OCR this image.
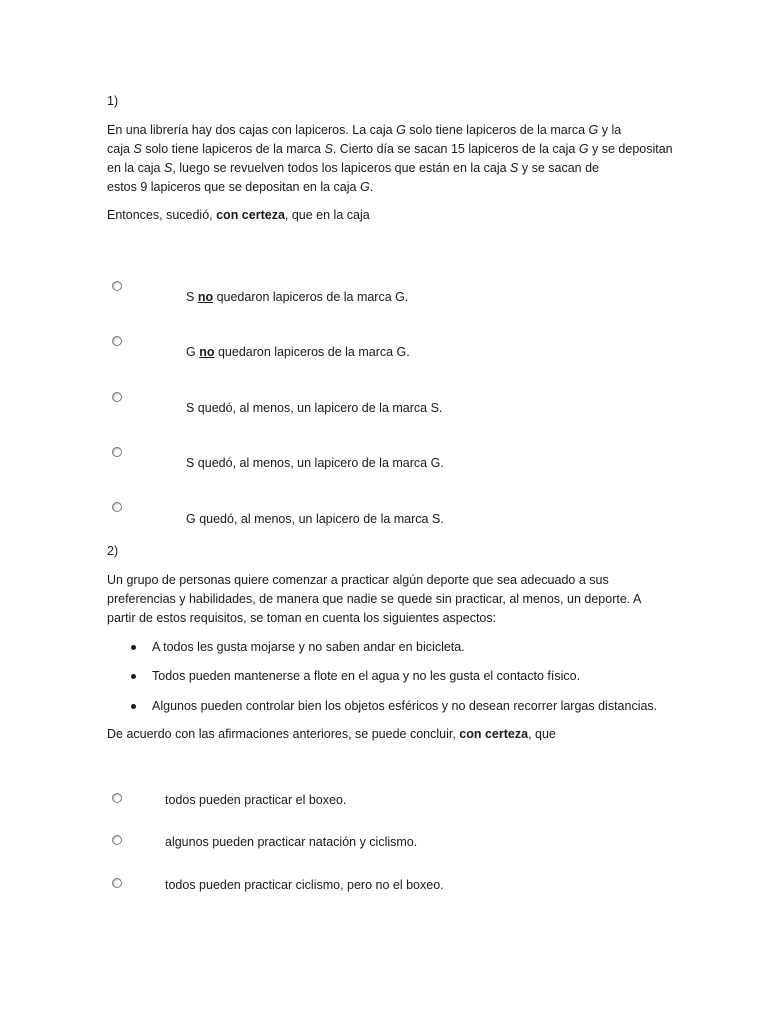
1)
En una librería hay dos cajas con lapiceros. La caja G solo tiene lapiceros de la marca G y la
caja S solo tiene lapiceros de la marca S. Cierto día se sacan 15 lapiceros de la caja G y se depositan
en la caja S, luego se revuelven todos los lapiceros que están en la caja S y se sacan de
estos 9 lapiceros que se depositan en la caja G.
Entonces, sucedió, con certeza, que en la caja
S no quedaron lapiceros de la marca G.
G no quedaron lapiceros de la marca G.
S quedó, al menos, un lapicero de la marca S.
S quedó, al menos, un lapicero de la marca G.
G quedó, al menos, un lapicero de la marca S.
2)
Un grupo de personas quiere comenzar a practicar algún deporte que sea adecuado a sus
preferencias y habilidades, de manera que nadie se quede sin practicar, al menos, un deporte. A
partir de estos requisitos, se toman en cuenta los siguientes aspectos:
A todos les gusta mojarse y no saben andar en bicicleta.
Todos pueden mantenerse a flote en el agua y no les gusta el contacto físico.
Algunos pueden controlar bien los objetos esféricos y no desean recorrer largas distancias.
De acuerdo con las afirmaciones anteriores, se puede concluir, con certeza, que
todos pueden practicar el boxeo.
algunos pueden practicar natación y ciclismo.
todos pueden practicar ciclismo, pero no el boxeo.
